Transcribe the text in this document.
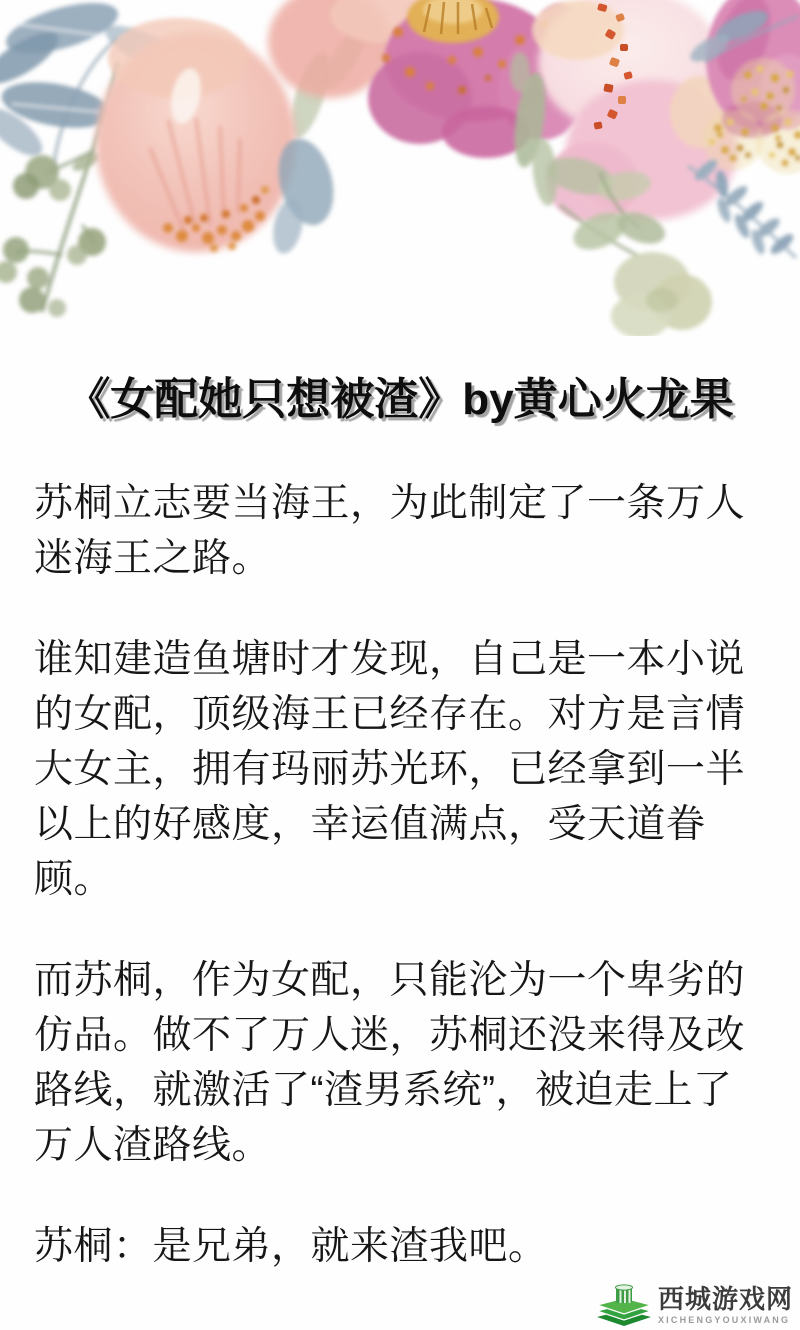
《女配她只想被渣》by黄心火龙果

苏桐立志要当海王，为此制定了一条万人迷海王之路。

谁知建造鱼塘时才发现，自己是一本小说的女配，顶级海王已经存在。对方是言情大女主，拥有玛丽苏光环，已经拿到一半以上的好感度，幸运值满点，受天道眷顾。

而苏桐，作为女配，只能沦为一个卑劣的仿品。做不了万人迷，苏桐还没来得及改路线，就激活了“渣男系统”，被迫走上了万人渣路线。

苏桐：是兄弟，就来渣我吧。

西城游戏网
XICHENGYOUXIWANG
